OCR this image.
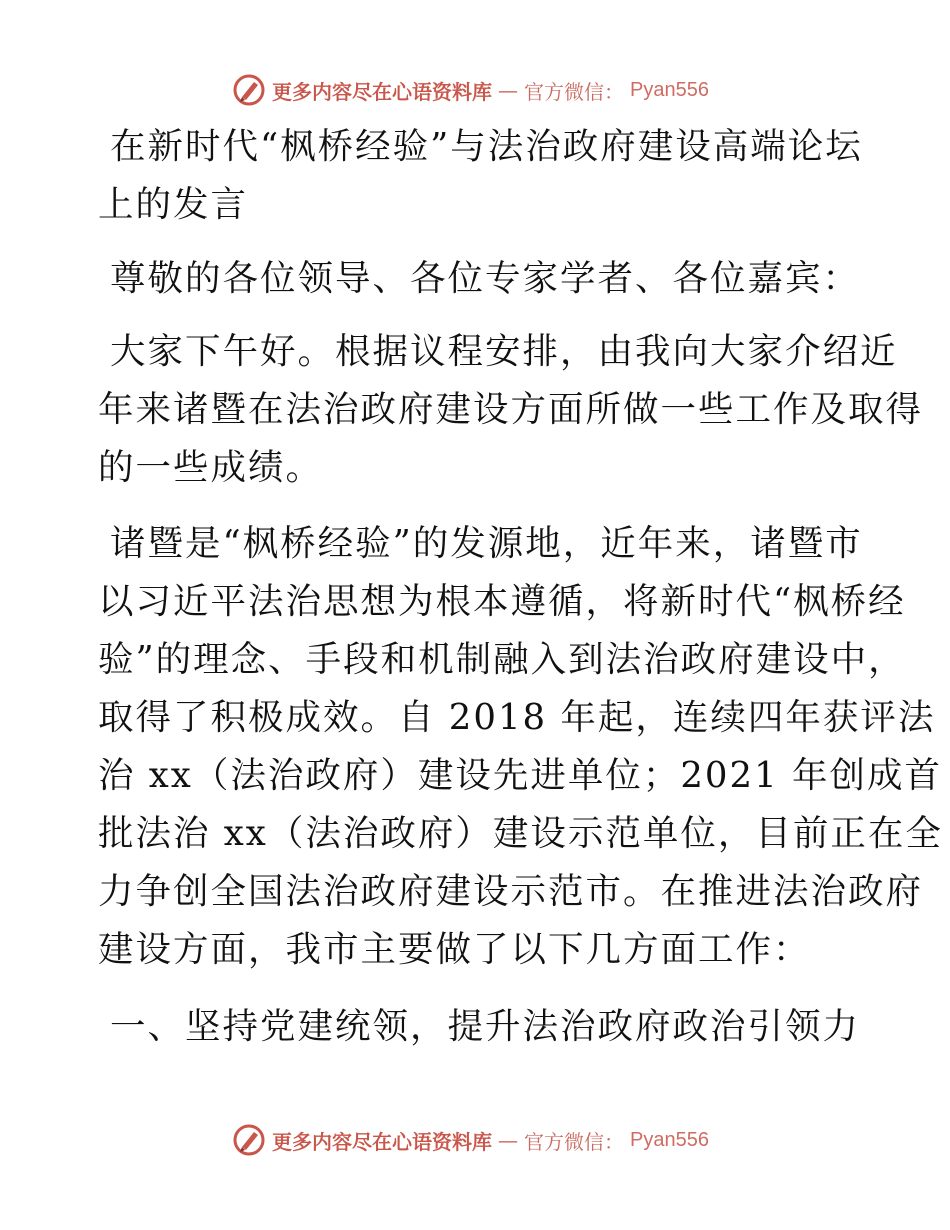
更多内容尽在心语资料库 — 官方微信： Pyan556
在新时代“枫桥经验”与法治政府建设高端论坛
上的发言
尊敬的各位领导、各位专家学者、各位嘉宾：
大家下午好。根据议程安排，由我向大家介绍近
年来诸暨在法治政府建设方面所做一些工作及取得
的一些成绩。
诸暨是“枫桥经验”的发源地，近年来，诸暨市
以习近平法治思想为根本遵循，将新时代“枫桥经
验”的理念、手段和机制融入到法治政府建设中，
取得了积极成效。自 2018 年起，连续四年获评法
治 xx（法治政府）建设先进单位；2021 年创成首
批法治 xx（法治政府）建设示范单位，目前正在全
力争创全国法治政府建设示范市。在推进法治政府
建设方面，我市主要做了以下几方面工作：
一、坚持党建统领，提升法治政府政治引领力
更多内容尽在心语资料库 — 官方微信： Pyan556
